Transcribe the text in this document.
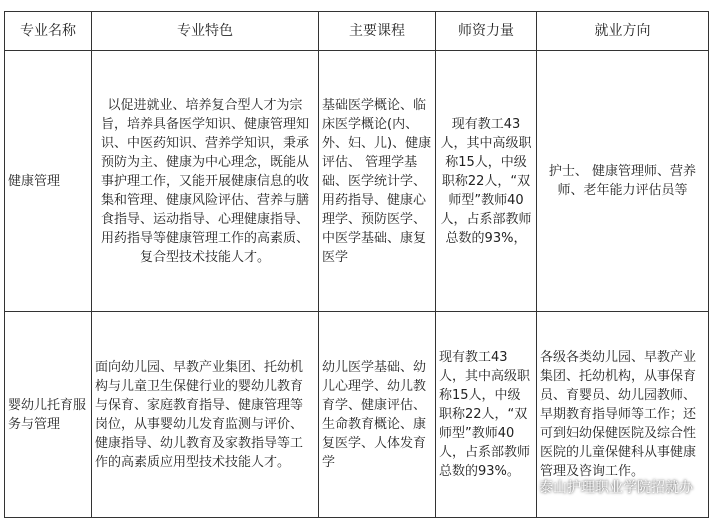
专业名称	专业特色	主要课程	师资力量	就业方向
健康管理	以促进就业、培养复合型人才为宗旨，培养具备医学知识、健康管理知识、中医药知识、营养学知识，秉承预防为主、健康为中心理念，既能从事护理工作，又能开展健康信息的收集和管理、健康风险评估、营养与膳食指导、运动指导、心理健康指导、用药指导等健康管理工作的高素质、复合型技术技能人才。	基础医学概论、临床医学概论(内、外、妇、儿)、健康评估、 管理学基础、医学统计学、用药指导、健康心理学、预防医学、中医学基础、康复医学	现有教工43人，其中高级职称15人，中级职称22人，“双师型”教师40人，占系部教师总数的93%，	护士、 健康管理师、营养师、老年能力评估员等
婴幼儿托育服务与管理	面向幼儿园、早教产业集团、托幼机构与儿童卫生保健行业的婴幼儿教育与保育、家庭教育指导、健康管理等岗位，从事婴幼儿发育监测与评价、健康指导、幼儿教育及家教指导等工作的高素质应用型技术技能人才。	幼儿医学基础、幼儿心理学、幼儿教育学、健康评估、生命教育概论、康复医学、人体发育学	现有教工43人，其中高级职称15人，中级职称22人，“双师型”教师40人，占系部教师总数的93%。	各级各类幼儿园、早教产业集团、托幼机构，从事保育员、育婴员、幼儿园教师、早期教育指导师等工作；还可到妇幼保健医院及综合性医院的儿童保健科从事健康管理及咨询工作。
泰山护理职业学院招就办
